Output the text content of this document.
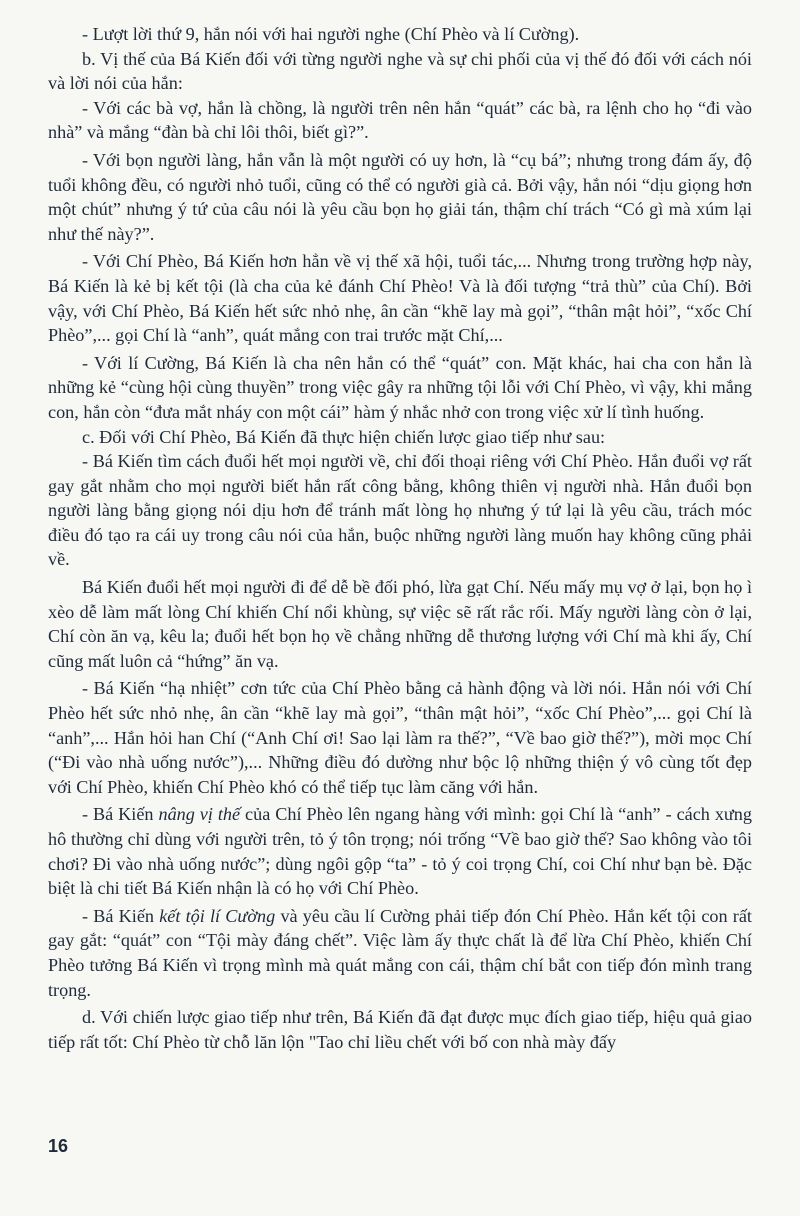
- Lượt lời thứ 9, hắn nói với hai người nghe (Chí Phèo và lí Cường).

b. Vị thế của Bá Kiến đối với từng người nghe và sự chi phối của vị thế đó đối với cách nói và lời nói của hắn:

- Với các bà vợ, hắn là chồng, là người trên nên hắn “quát” các bà, ra lệnh cho họ “đi vào nhà” và mắng “đàn bà chỉ lôi thôi, biết gì?”.

- Với bọn người làng, hắn vẫn là một người có uy hơn, là “cụ bá”; nhưng trong đám ấy, độ tuổi không đều, có người nhỏ tuổi, cũng có thể có người già cả. Bởi vậy, hắn nói “dịu giọng hơn một chút” nhưng ý tứ của câu nói là yêu cầu bọn họ giải tán, thậm chí trách “Có gì mà xúm lại như thế này?”.

- Với Chí Phèo, Bá Kiến hơn hẳn về vị thế xã hội, tuổi tác,... Nhưng trong trường hợp này, Bá Kiến là kẻ bị kết tội (là cha của kẻ đánh Chí Phèo! Và là đối tượng “trả thù” của Chí). Bởi vậy, với Chí Phèo, Bá Kiến hết sức nhỏ nhẹ, ân cần “khẽ lay mà gọi”, “thân mật hỏi”, “xốc Chí Phèo”,... gọi Chí là “anh”, quát mắng con trai trước mặt Chí,...

- Với lí Cường, Bá Kiến là cha nên hắn có thể “quát” con. Mặt khác, hai cha con hắn là những kẻ “cùng hội cùng thuyền” trong việc gây ra những tội lỗi với Chí Phèo, vì vậy, khi mắng con, hắn còn “đưa mắt nháy con một cái” hàm ý nhắc nhở con trong việc xử lí tình huống.

c. Đối với Chí Phèo, Bá Kiến đã thực hiện chiến lược giao tiếp như sau:

- Bá Kiến tìm cách đuổi hết mọi người về, chỉ đối thoại riêng với Chí Phèo. Hắn đuổi vợ rất gay gắt nhằm cho mọi người biết hắn rất công bằng, không thiên vị người nhà. Hắn đuổi bọn người làng bằng giọng nói dịu hơn để tránh mất lòng họ nhưng ý tứ lại là yêu cầu, trách móc điều đó tạo ra cái uy trong câu nói của hắn, buộc những người làng muốn hay không cũng phải về.

Bá Kiến đuổi hết mọi người đi để dễ bề đối phó, lừa gạt Chí. Nếu mấy mụ vợ ở lại, bọn họ ì xèo dễ làm mất lòng Chí khiến Chí nổi khùng, sự việc sẽ rất rắc rối. Mấy người làng còn ở lại, Chí còn ăn vạ, kêu la; đuổi hết bọn họ về chẳng những dễ thương lượng với Chí mà khi ấy, Chí cũng mất luôn cả “hứng” ăn vạ.

- Bá Kiến “hạ nhiệt” cơn tức của Chí Phèo bằng cả hành động và lời nói. Hắn nói với Chí Phèo hết sức nhỏ nhẹ, ân cần “khẽ lay mà gọi”, “thân mật hỏi”, “xốc Chí Phèo”,... gọi Chí là “anh”,... Hắn hỏi han Chí (“Anh Chí ơi! Sao lại làm ra thế?”, “Về bao giờ thế?”), mời mọc Chí (“Đi vào nhà uống nước”),... Những điều đó dường như bộc lộ những thiện ý vô cùng tốt đẹp với Chí Phèo, khiến Chí Phèo khó có thể tiếp tục làm căng với hắn.

- Bá Kiến nâng vị thế của Chí Phèo lên ngang hàng với mình: gọi Chí là “anh” - cách xưng hô thường chỉ dùng với người trên, tỏ ý tôn trọng; nói trống “Về bao giờ thế? Sao không vào tôi chơi? Đi vào nhà uống nước”; dùng ngôi gộp “ta” - tỏ ý coi trọng Chí, coi Chí như bạn bè. Đặc biệt là chi tiết Bá Kiến nhận là có họ với Chí Phèo.

- Bá Kiến kết tội lí Cường và yêu cầu lí Cường phải tiếp đón Chí Phèo. Hắn kết tội con rất gay gắt: “quát” con “Tội mày đáng chết”. Việc làm ấy thực chất là để lừa Chí Phèo, khiến Chí Phèo tưởng Bá Kiến vì trọng mình mà quát mắng con cái, thậm chí bắt con tiếp đón mình trang trọng.

d. Với chiến lược giao tiếp như trên, Bá Kiến đã đạt được mục đích giao tiếp, hiệu quả giao tiếp rất tốt: Chí Phèo từ chỗ lăn lộn "Tao chỉ liều chết với bố con nhà mày đấy

16
